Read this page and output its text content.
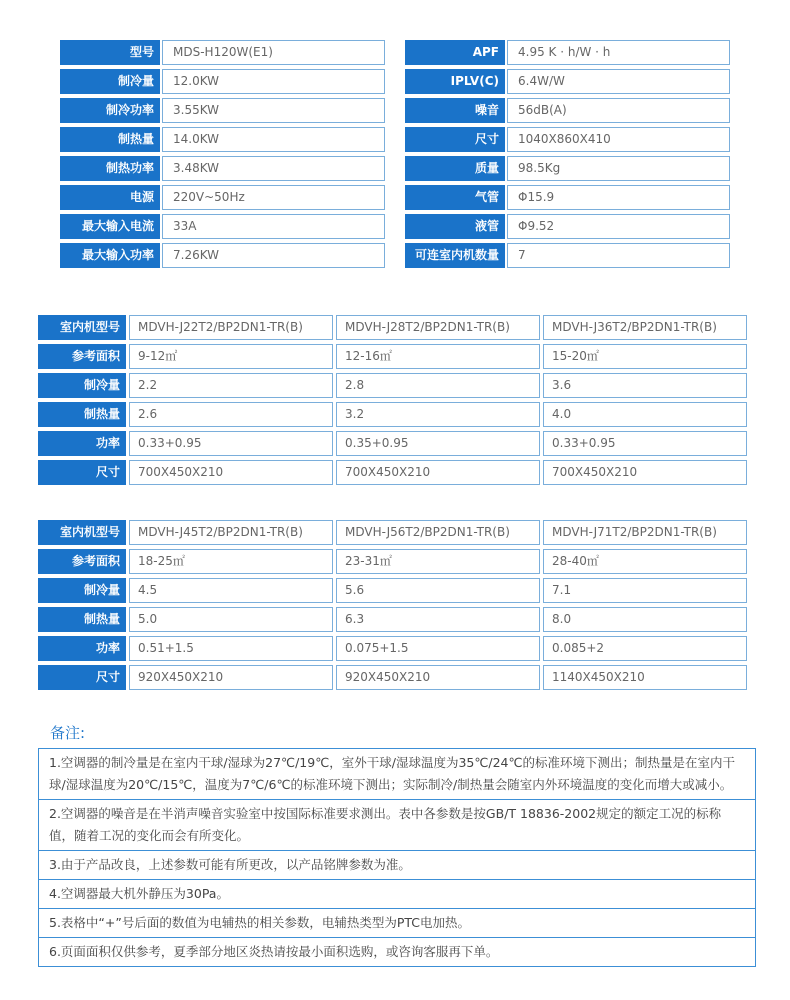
型号	MDS-H120W(E1)
制冷量	12.0KW
制冷功率	3.55KW
制热量	14.0KW
制热功率	3.48KW
电源	220V~50Hz
最大输入电流	33A
最大输入功率	7.26KW
APF	4.95 K · h/W · h
IPLV(C)	6.4W/W
噪音	56dB(A)
尺寸	1040X860X410
质量	98.5Kg
气管	Φ15.9
液管	Φ9.52
可连室内机数量	7
室内机型号	MDVH-J22T2/BP2DN1-TR(B)	MDVH-J28T2/BP2DN1-TR(B)	MDVH-J36T2/BP2DN1-TR(B)
参考面积	9-12㎡	12-16㎡	15-20㎡
制冷量	2.2	2.8	3.6
制热量	2.6	3.2	4.0
功率	0.33+0.95	0.35+0.95	0.33+0.95
尺寸	700X450X210	700X450X210	700X450X210
室内机型号	MDVH-J45T2/BP2DN1-TR(B)	MDVH-J56T2/BP2DN1-TR(B)	MDVH-J71T2/BP2DN1-TR(B)
参考面积	18-25㎡	23-31㎡	28-40㎡
制冷量	4.5	5.6	7.1
制热量	5.0	6.3	8.0
功率	0.51+1.5	0.075+1.5	0.085+2
尺寸	920X450X210	920X450X210	1140X450X210
备注:
1.空调器的制冷量是在室内干球/湿球为27℃/19℃，室外干球/湿球温度为35℃/24℃的标准环境下测出；制热量是在室内干球/湿球温度为20℃/15℃，温度为7℃/6℃的标准环境下测出；实际制冷/制热量会随室内外环境温度的变化而增大或减小。
2.空调器的噪音是在半消声噪音实验室中按国际标准要求测出。表中各参数是按GB/T 18836-2002规定的额定工况的标称值，随着工况的变化而会有所变化。
3.由于产品改良，上述参数可能有所更改，以产品铭牌参数为准。
4.空调器最大机外静压为30Pa。
5.表格中“+”号后面的数值为电辅热的相关参数，电辅热类型为PTC电加热。
6.页面面积仅供参考，夏季部分地区炎热请按最小面积选购，或咨询客服再下单。
